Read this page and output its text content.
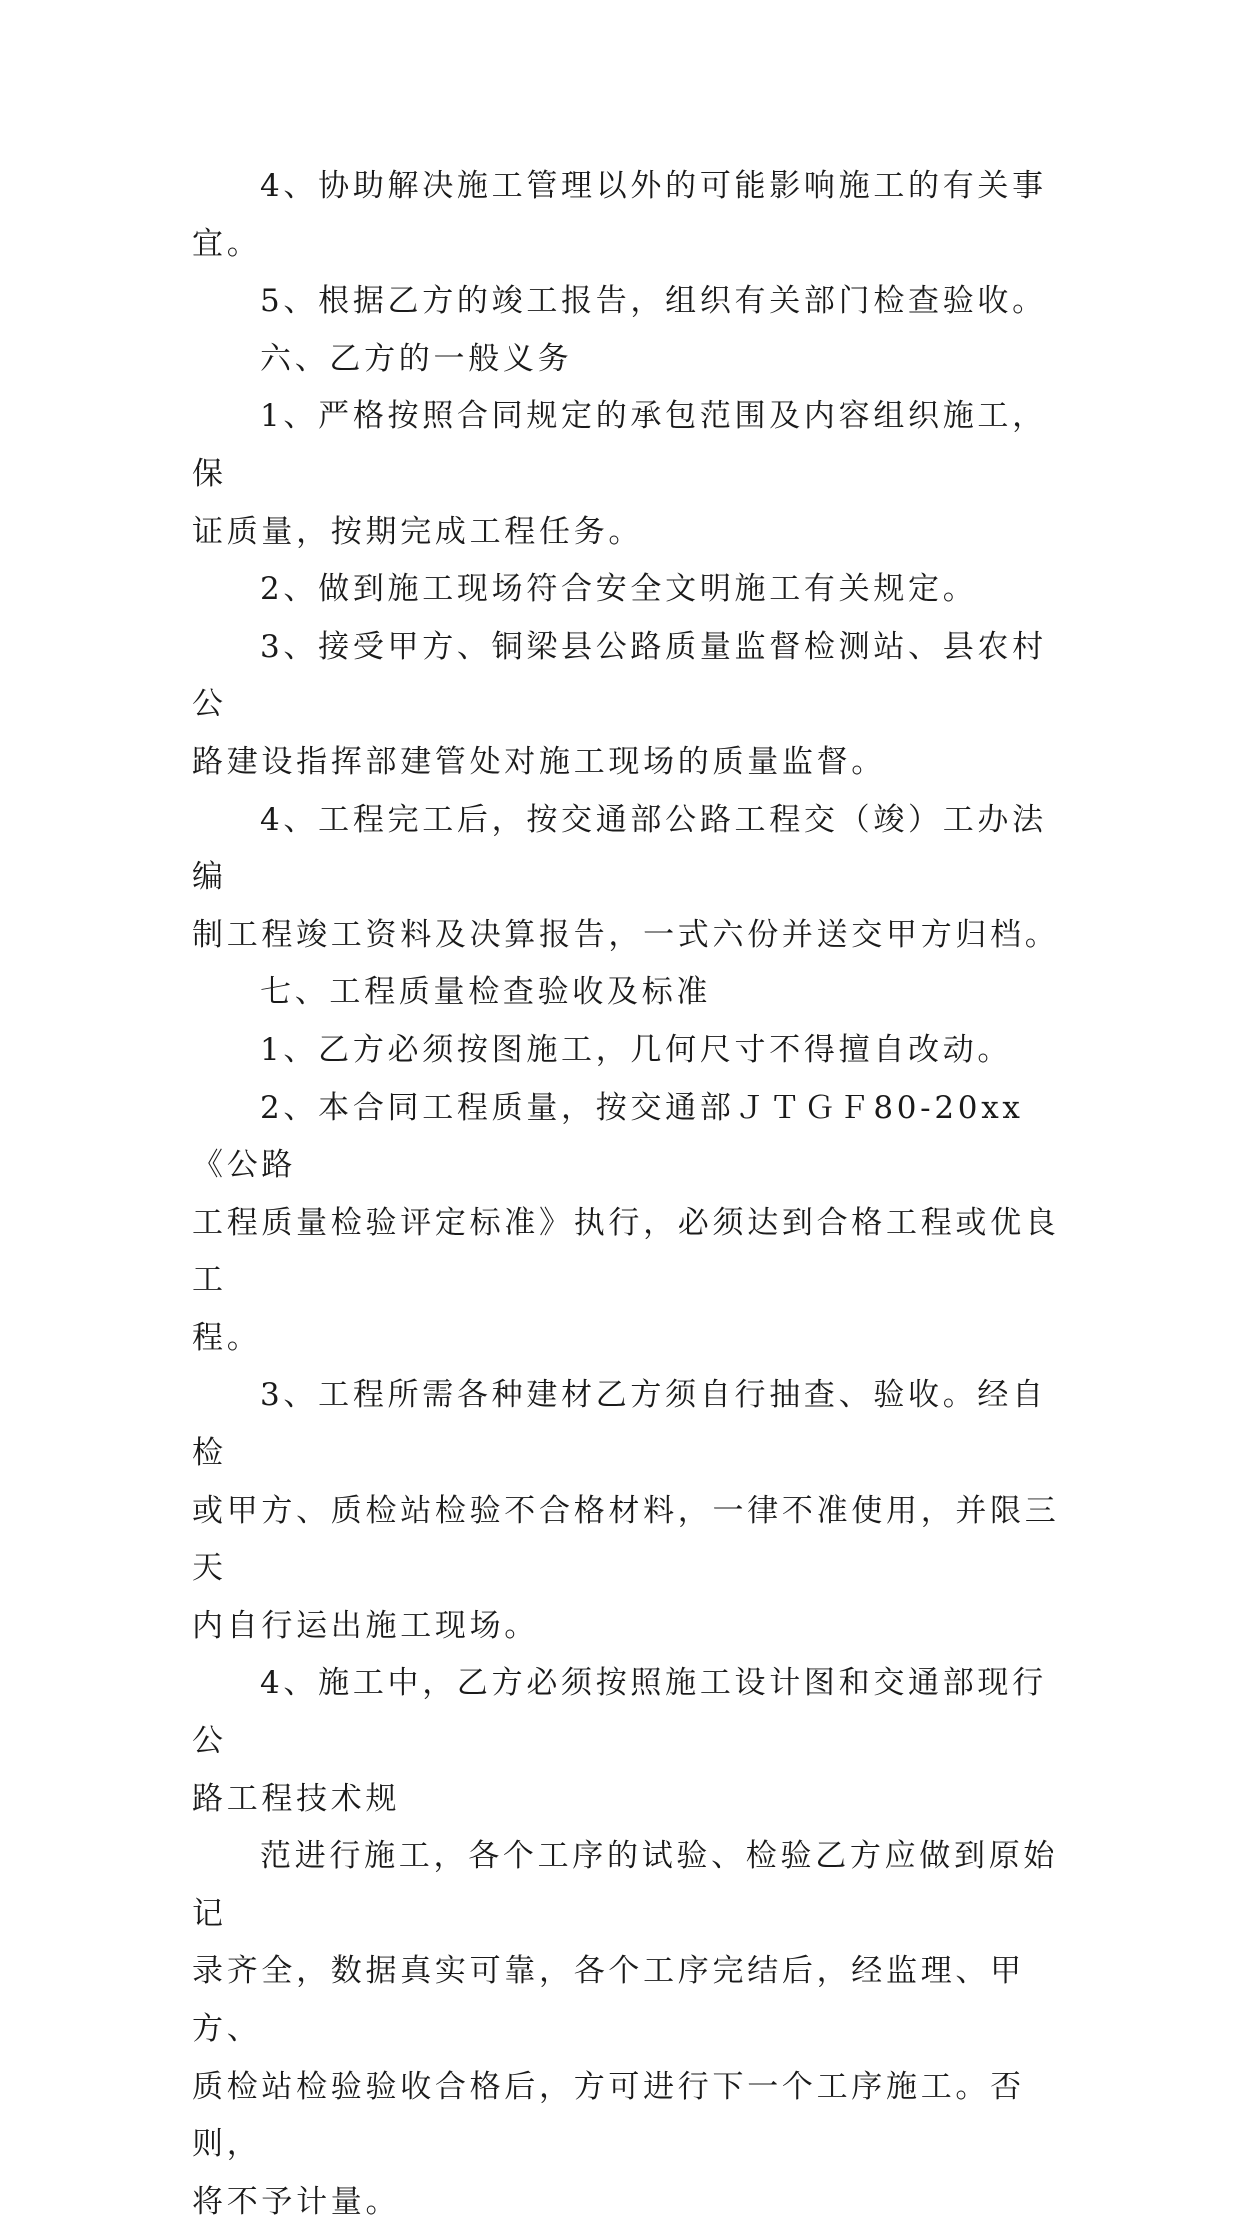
4、协助解决施工管理以外的可能影响施工的有关事宜。

5、根据乙方的竣工报告，组织有关部门检查验收。

六、乙方的一般义务

1、严格按照合同规定的承包范围及内容组织施工，保
证质量，按期完成工程任务。

2、做到施工现场符合安全文明施工有关规定。

3、接受甲方、铜梁县公路质量监督检测站、县农村公
路建设指挥部建管处对施工现场的质量监督。

4、工程完工后，按交通部公路工程交（竣）工办法编
制工程竣工资料及决算报告，一式六份并送交甲方归档。

七、工程质量检查验收及标准

1、乙方必须按图施工，几何尺寸不得擅自改动。

2、本合同工程质量，按交通部ＪＴＧＦ80-20xx《公路
工程质量检验评定标准》执行，必须达到合格工程或优良工
程。

3、工程所需各种建材乙方须自行抽查、验收。经自检
或甲方、质检站检验不合格材料，一律不准使用，并限三天
内自行运出施工现场。

4、施工中，乙方必须按照施工设计图和交通部现行公
路工程技术规

范进行施工，各个工序的试验、检验乙方应做到原始记
录齐全，数据真实可靠，各个工序完结后，经监理、甲方、
质检站检验验收合格后，方可进行下一个工序施工。否则，
将不予计量。
